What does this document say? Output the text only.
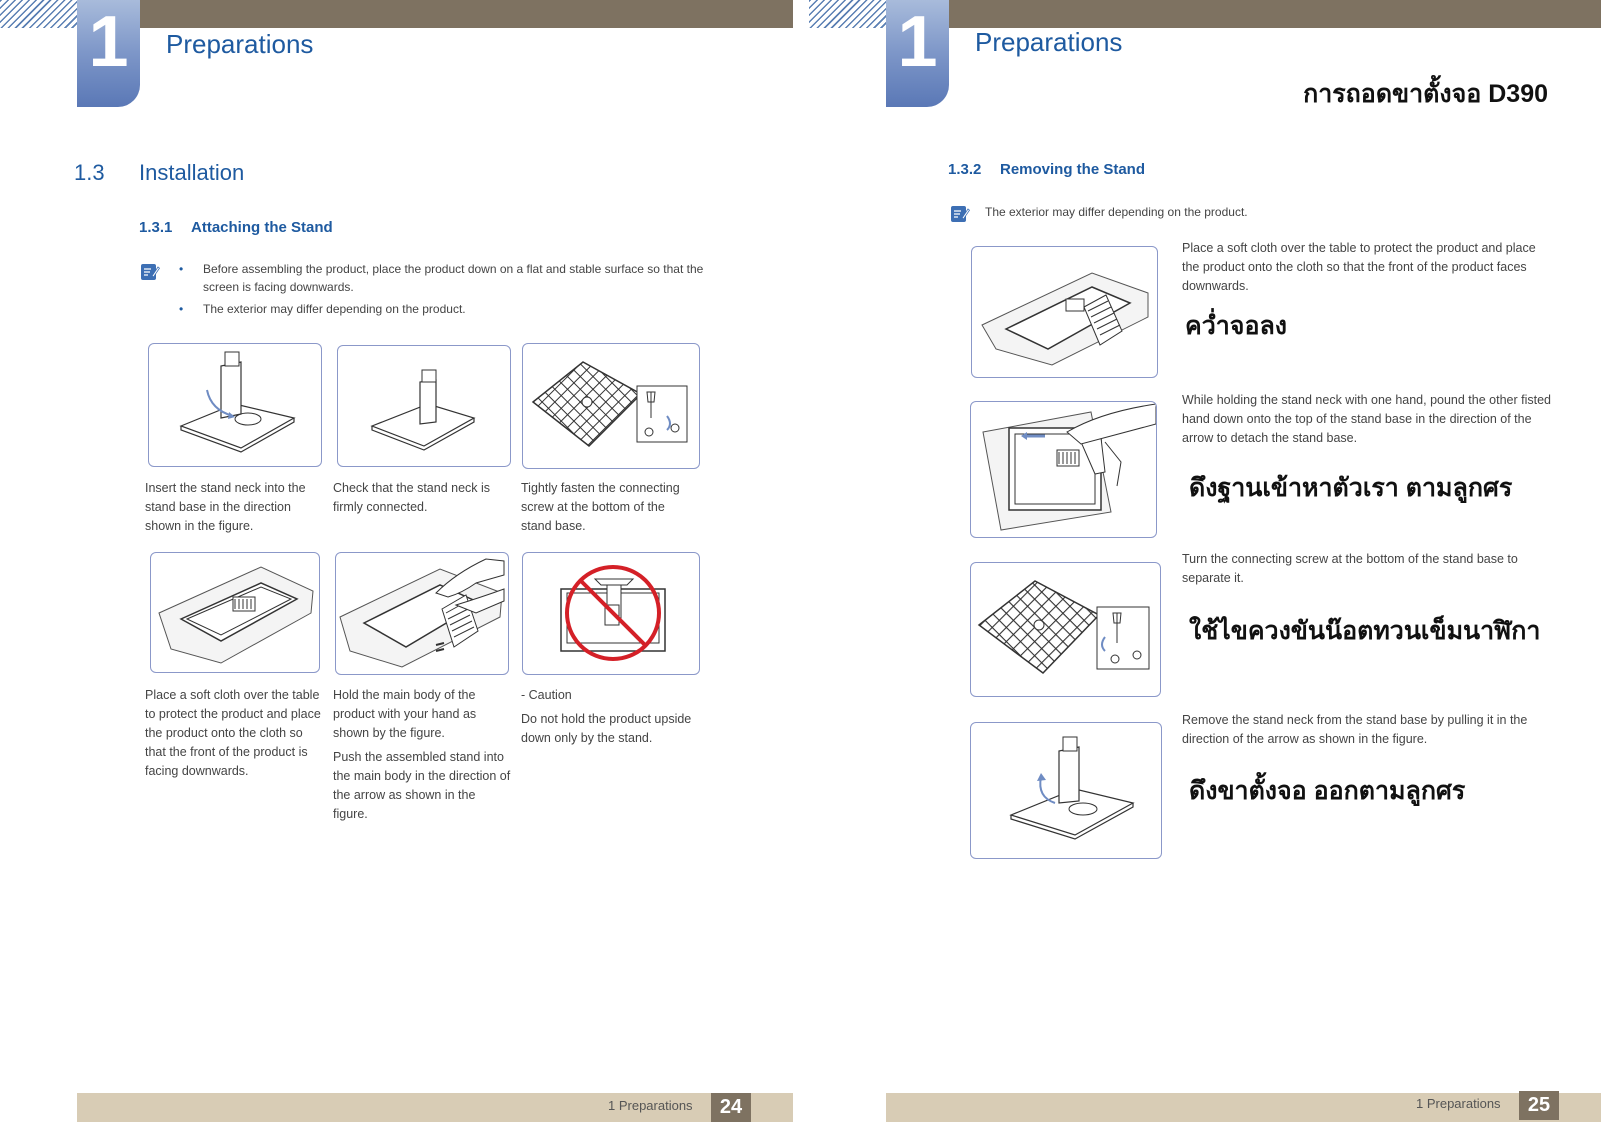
1	Preparations
1.3 Installation
1.3.1 Attaching the Stand
• Before assembling the product, place the product down on a flat and stable surface so that the screen is facing downwards.
• The exterior may differ depending on the product.
Insert the stand neck into the stand base in the direction shown in the figure.
Check that the stand neck is firmly connected.
Tightly fasten the connecting screw at the bottom of the stand base.
Place a soft cloth over the table to protect the product and place the product onto the cloth so that the front of the product is facing downwards.

Hold the main body of the product with your hand as shown by the figure.

Push the assembled stand into the main body in the direction of the arrow as shown in the figure.

- Caution

Do not hold the product upside down only by the stand.

1 Preparations	24
1	Preparations
การถอดขาตั้งจอ D390
1.3.2 Removing the Stand
The exterior may differ depending on the product.
Place a soft cloth over the table to protect the product and place the product onto the cloth so that the front of the product faces downwards.
คว่ำจอลง
While holding the stand neck with one hand, pound the other fisted hand down onto the top of the stand base in the direction of the arrow to detach the stand base.
ดึงฐานเข้าหาตัวเรา ตามลูกศร
Turn the connecting screw at the bottom of the stand base to separate it.
ใช้ไขควงขันน๊อตทวนเข็มนาฬิกา
Remove the stand neck from the stand base by pulling it in the direction of the arrow as shown in the figure.
ดึงขาตั้งจอ ออกตามลูกศร
1 Preparations	25
